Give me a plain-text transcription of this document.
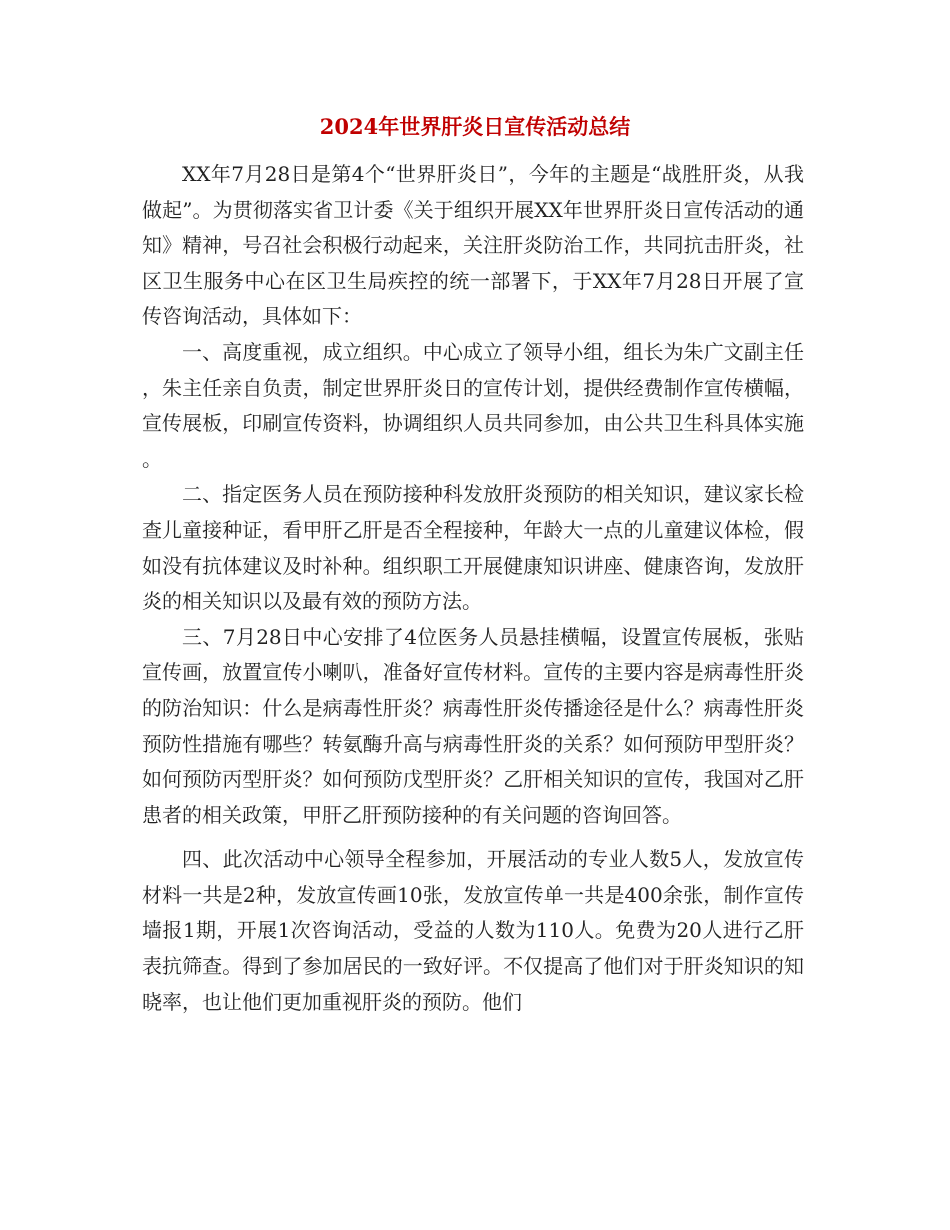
2024年世界肝炎日宣传活动总结

XX年7月28日是第4个“世界肝炎日”，今年的主题是“战胜肝炎，从我做起”。为贯彻落实省卫计委《关于组织开展XX年世界肝炎日宣传活动的通知》精神，号召社会积极行动起来，关注肝炎防治工作，共同抗击肝炎，社区卫生服务中心在区卫生局疾控的统一部署下，于XX年7月28日开展了宣传咨询活动，具体如下：

一、高度重视，成立组织。中心成立了领导小组，组长为朱广文副主任，朱主任亲自负责，制定世界肝炎日的宣传计划，提供经费制作宣传横幅，宣传展板，印刷宣传资料，协调组织人员共同参加，由公共卫生科具体实施。

二、指定医务人员在预防接种科发放肝炎预防的相关知识，建议家长检查儿童接种证，看甲肝乙肝是否全程接种，年龄大一点的儿童建议体检，假如没有抗体建议及时补种。组织职工开展健康知识讲座、健康咨询，发放肝炎的相关知识以及最有效的预防方法。

三、7月28日中心安排了4位医务人员悬挂横幅，设置宣传展板，张贴宣传画，放置宣传小喇叭，准备好宣传材料。宣传的主要内容是病毒性肝炎的防治知识：什么是病毒性肝炎？病毒性肝炎传播途径是什么？病毒性肝炎预防性措施有哪些？转氨酶升高与病毒性肝炎的关系？如何预防甲型肝炎？如何预防丙型肝炎？如何预防戊型肝炎？乙肝相关知识的宣传，我国对乙肝患者的相关政策，甲肝乙肝预防接种的有关问题的咨询回答。

四、此次活动中心领导全程参加，开展活动的专业人数5人，发放宣传材料一共是2种，发放宣传画10张，发放宣传单一共是400余张，制作宣传墙报1期，开展1次咨询活动，受益的人数为110人。免费为20人进行乙肝表抗筛查。得到了参加居民的一致好评。不仅提高了他们对于肝炎知识的知晓率，也让他们更加重视肝炎的预防。他们
